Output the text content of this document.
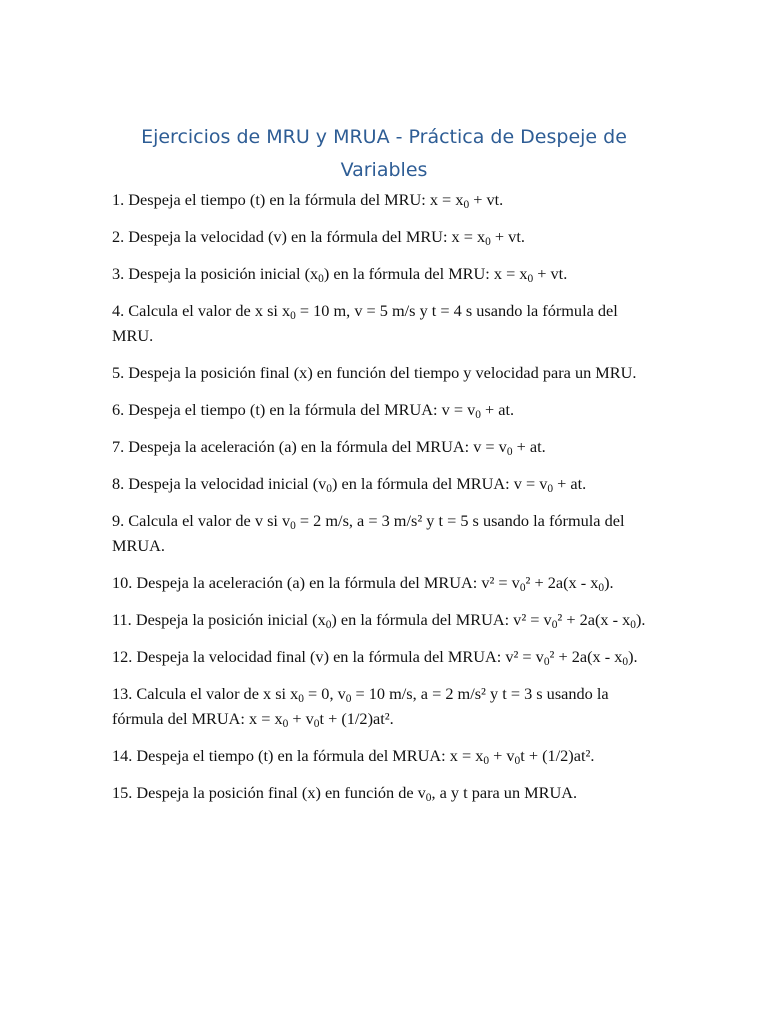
Ejercicios de MRU y MRUA - Práctica de Despeje de Variables
1. Despeja el tiempo (t) en la fórmula del MRU: $x = x_0$ + vt.
2. Despeja la velocidad (v) en la fórmula del MRU: $x = x_0$ + vt.
3. Despeja la posición inicial $(x_0)$ en la fórmula del MRU: $x = x_0$ + vt.
4. Calcula el valor de x si $x_0 = 10$ m, v = 5 m/s y t = 4 s usando la fórmula del MRU.
5. Despeja la posición final (x) en función del tiempo y velocidad para un MRU.
6. Despeja el tiempo (t) en la fórmula del MRUA: $v = v_0$ + at.
7. Despeja la aceleración (a) en la fórmula del MRUA: $v = v_0$ + at.
8. Despeja la velocidad inicial $(v_0)$ en la fórmula del MRUA: $v = v_0$ + at.
9. Calcula el valor de v si $v_0 = 2$ m/s, a = 3 m/s² y t = 5 s usando la fórmula del MRUA.
10. Despeja la aceleración (a) en la fórmula del MRUA: $v^2 = v_0^2 + 2a(x - x_0)$.
11. Despeja la posición inicial $(x_0)$ en la fórmula del MRUA: $v^2 = v_0^2 + 2a(x - x_0)$.
12. Despeja la velocidad final (v) en la fórmula del MRUA: $v^2 = v_0^2 + 2a(x - x_0)$.
13. Calcula el valor de x si $x_0 = 0$, $v_0 = 10$ m/s, a = 2 m/s² y t = 3 s usando la fórmula del MRUA: $x = x_0 + v_0t + (1/2)at^2$.
14. Despeja el tiempo (t) en la fórmula del MRUA: $x = x_0 + v_0t + (1/2)at^2$.
15. Despeja la posición final (x) en función de $v_0$, a y t para un MRUA.
